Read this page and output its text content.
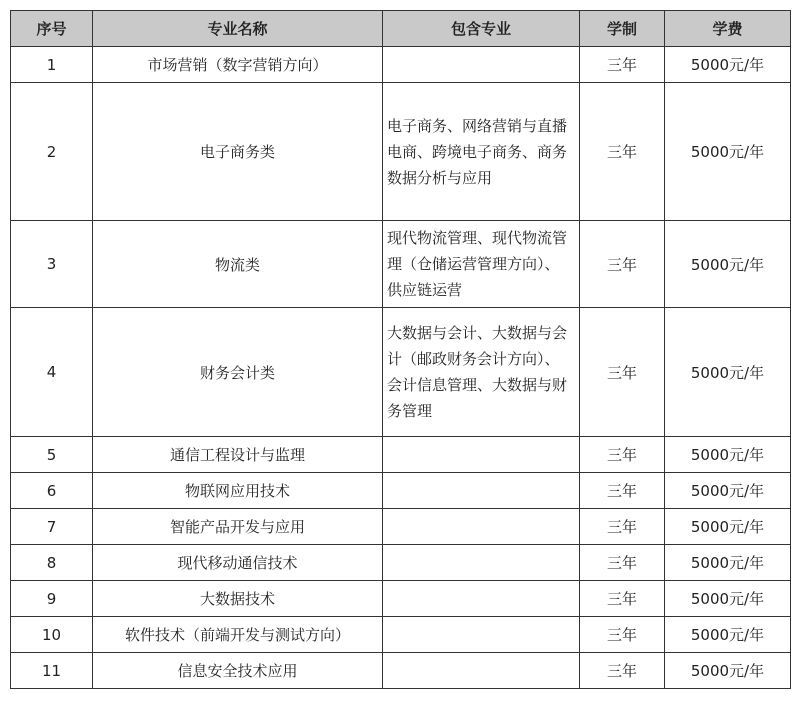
序号	专业名称	包含专业	学制	学费
1	市场营销（数字营销方向）		三年	5000元/年
2	电子商务类	电子商务、网络营销与直播
电商、跨境电子商务、商务
数据分析与应用	三年	5000元/年
3	物流类	现代物流管理、现代物流管
理（仓储运营管理方向）、
供应链运营	三年	5000元/年
4	财务会计类	大数据与会计、大数据与会
计（邮政财务会计方向）、
会计信息管理、大数据与财
务管理	三年	5000元/年
5	通信工程设计与监理		三年	5000元/年
6	物联网应用技术		三年	5000元/年
7	智能产品开发与应用		三年	5000元/年
8	现代移动通信技术		三年	5000元/年
9	大数据技术		三年	5000元/年
10	软件技术（前端开发与测试方向）		三年	5000元/年
11	信息安全技术应用		三年	5000元/年
